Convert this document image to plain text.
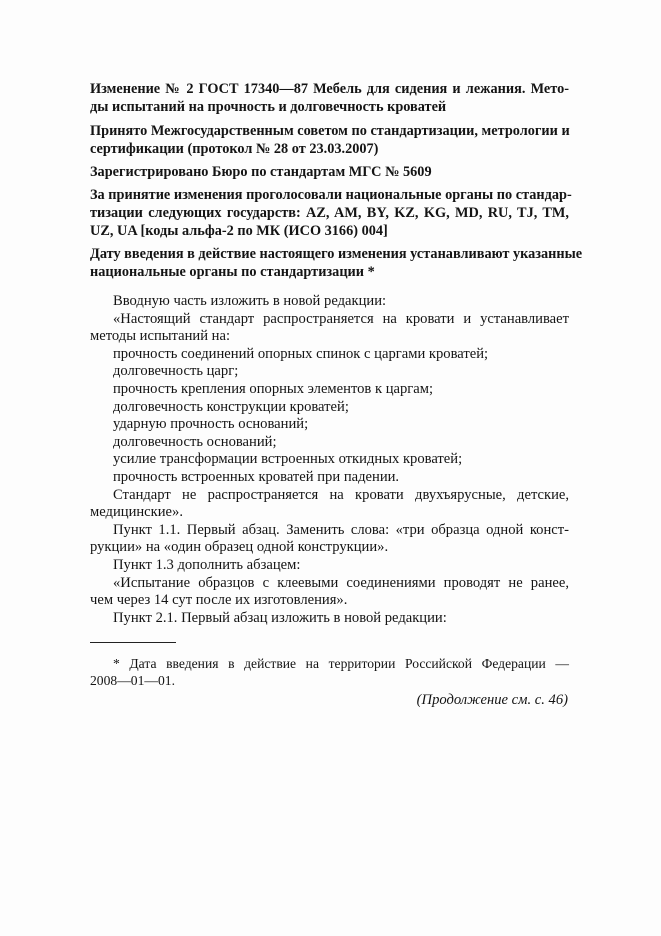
Изменение № 2 ГОСТ 17340—87 Мебель для сидения и лежания. Мето-
ды испытаний на прочность и долговечность кроватей
Принято Межгосударственным советом по стандартизации, метрологии и
сертификации (протокол № 28 от 23.03.2007)
Зарегистрировано Бюро по стандартам МГС № 5609
За принятие изменения проголосовали национальные органы по стандар-
тизации следующих государств: AZ, AM, BY, KZ, KG, MD, RU, TJ, TM,
UZ, UA [коды альфа-2 по МК (ИСО 3166) 004]
Дату введения в действие настоящего изменения устанавливают указанные
национальные органы по стандартизации *
Вводную часть изложить в новой редакции:
«Настоящий стандарт распространяется на кровати и устанавливает
методы испытаний на:
прочность соединений опорных спинок с царгами кроватей;
долговечность царг;
прочность крепления опорных элементов к царгам;
долговечность конструкции кроватей;
ударную прочность оснований;
долговечность оснований;
усилие трансформации встроенных откидных кроватей;
прочность встроенных кроватей при падении.
Стандарт не распространяется на кровати двухъярусные, детские,
медицинские».
Пункт 1.1. Первый абзац. Заменить слова: «три образца одной конст-
рукции» на «один образец одной конструкции».
Пункт 1.3 дополнить абзацем:
«Испытание образцов с клеевыми соединениями проводят не ранее,
чем через 14 сут после их изготовления».
Пункт 2.1. Первый абзац изложить в новой редакции:
* Дата введения в действие на территории Российской Федерации —
2008—01—01.
(Продолжение см. с. 46)
